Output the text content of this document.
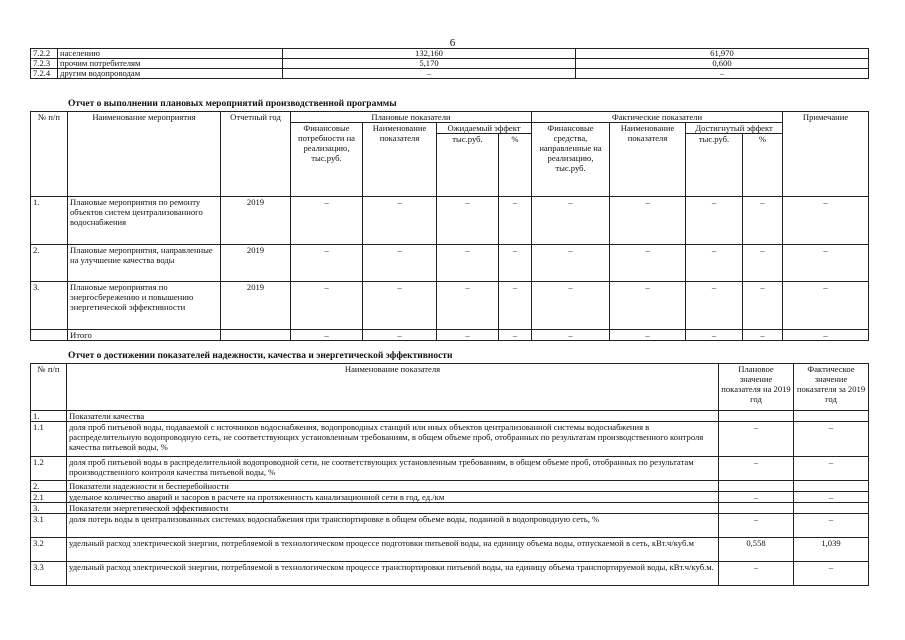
6
7.2.2	населению	132,160	61,970
7.2.3	прочим потребителям	5,170	0,600
7.2.4	другим водопроводам	–	–
Отчет о выполнении плановых мероприятий производственной программы
№ п/п	Наименование мероприятия	Отчетный год	Плановые показатели				Фактические показатели				Примечание
			Финансовые потребности на реализацию, тыс.руб.	Наименование показателя	Ожидаемый эффект		Финансовые средства, направленные на реализацию, тыс.руб.	Наименование показателя	Достигнутый эффект		
					тыс.руб.	%			тыс.руб.	%	
1.	Плановые мероприятия по ремонту объектов систем централизованного водоснабжения	2019	–	–	–	–	–	–	–	–	–
2.	Плановые мероприятия, направленные на улучшение качества воды	2019	–	–	–	–	–	–	–	–	–
3.	Плановые мероприятия по энергосбережению и повышению энергетической эффективности	2019	–	–	–	–	–	–	–	–	–
	Итого		–	–	–	–	–	–	–	–	–
Отчет о достижении показателей надежности, качества и энергетической эффективности
№ п/п	Наименование показателя	Плановое значение показателя на 2019 год	Фактическое значение показателя за 2019 год
1.	Показатели качества		
1.1	доля проб питьевой воды, подаваемой с источников водоснабжения, водопроводных станций или иных объектов централизованной системы водоснабжения в распределительную водопроводную сеть, не соответствующих установленным требованиям, в общем объеме проб, отобранных по результатам производственного контроля качества питьевой воды, %	–	–
1.2	доля проб питьевой воды в распределительной водопроводной сети, не соответствующих установленным требованиям, в общем объеме проб, отобранных по результатам производственного контроля качества питьевой воды, %	–	–
2.	Показатели надежности и бесперебойности		
2.1	удельное количество аварий и засоров в расчете на протяженность канализационной сети в год, ед./км	–	–
3.	Показатели энергетической эффективности		
3.1	доля потерь воды в централизованных системах водоснабжения при транспортировке в общем объеме воды, поданной в водопроводную сеть, %	–	–
3.2	удельный расход электрической энергии, потребляемой в технологическом процессе подготовки питьевой воды, на единицу объема воды, отпускаемой в сеть, кВт.ч/куб.м	0,558	1,039
3.3	удельный расход электрической энергии, потребляемой в технологическом процессе транспортировки питьевой воды, на единицу объема транспортируемой воды, кВт.ч/куб.м.	–	–
